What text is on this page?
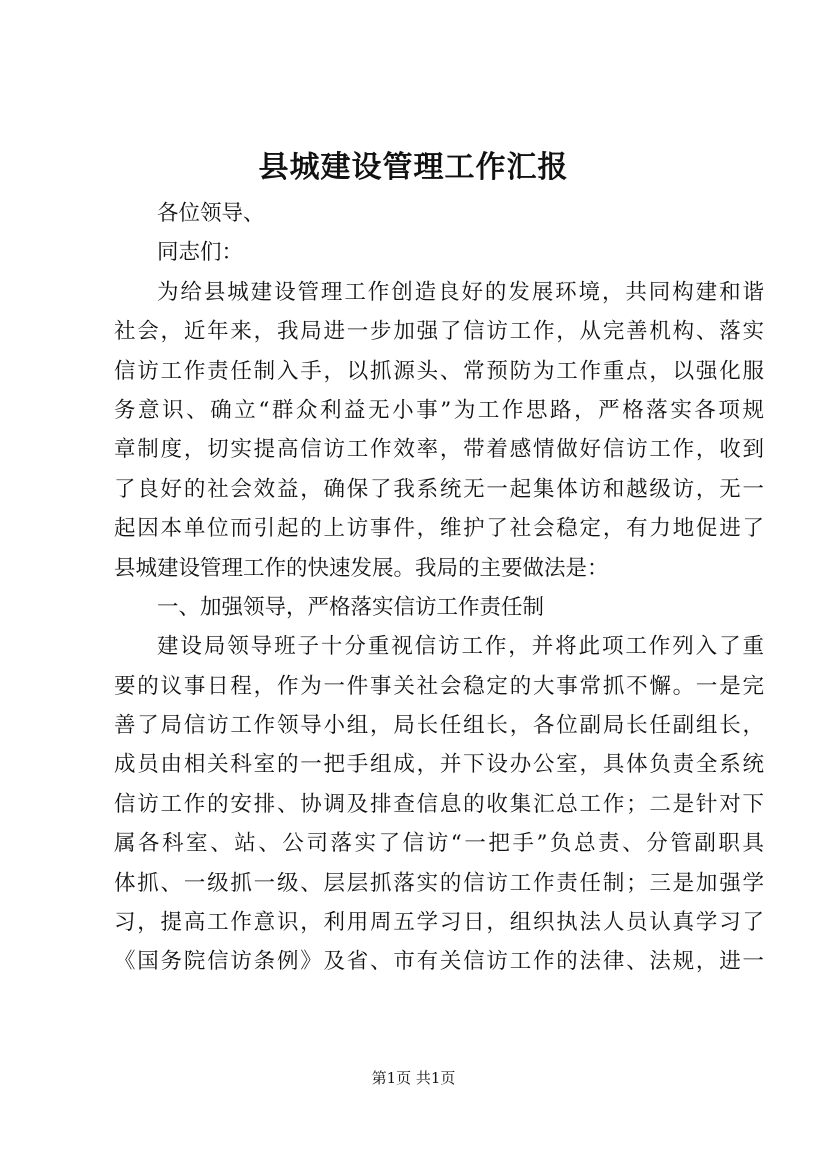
县城建设管理工作汇报
各位领导、
同志们：
为给县城建设管理工作创造良好的发展环境，共同构建和谐
社会，近年来，我局进一步加强了信访工作，从完善机构、落实
信访工作责任制入手，以抓源头、常预防为工作重点，以强化服
务意识、确立“群众利益无小事”为工作思路，严格落实各项规
章制度，切实提高信访工作效率，带着感情做好信访工作，收到
了良好的社会效益，确保了我系统无一起集体访和越级访，无一
起因本单位而引起的上访事件，维护了社会稳定，有力地促进了
县城建设管理工作的快速发展。我局的主要做法是：
一、加强领导，严格落实信访工作责任制
建设局领导班子十分重视信访工作，并将此项工作列入了重
要的议事日程，作为一件事关社会稳定的大事常抓不懈。一是完
善了局信访工作领导小组，局长任组长，各位副局长任副组长，
成员由相关科室的一把手组成，并下设办公室，具体负责全系统
信访工作的安排、协调及排查信息的收集汇总工作；二是针对下
属各科室、站、公司落实了信访“一把手”负总责、分管副职具
体抓、一级抓一级、层层抓落实的信访工作责任制；三是加强学
习，提高工作意识，利用周五学习日，组织执法人员认真学习了
《国务院信访条例》及省、市有关信访工作的法律、法规，进一
第1页 共1页
